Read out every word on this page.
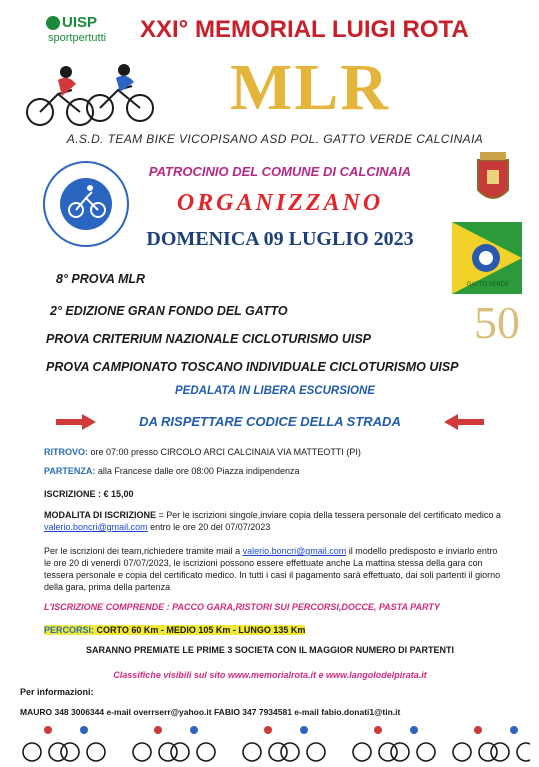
UISP
sportpertutti XXI° MEMORIAL LUIGI ROTA
MLR
A.S.D. TEAM BIKE VICOPISANO ASD POL. GATTO VERDE CALCINAIA
PATROCINIO DEL COMUNE DI CALCINAIA
ORGANIZZANO
DOMENICA 09 LUGLIO 2023
GATTO VERDE
50
8° PROVA MLR
2° EDIZIONE GRAN FONDO DEL GATTO
PROVA CRITERIUM NAZIONALE CICLOTURISMO UISP
PROVA CAMPIONATO TOSCANO INDIVIDUALE CICLOTURISMO UISP
PEDALATA IN LIBERA ESCURSIONE
DA RISPETTARE CODICE DELLA STRADA
RITROVO: ore 07:00 presso CIRCOLO ARCI CALCINAIA VIA MATTEOTTI (PI)
PARTENZA: alla Francese dalle ore 08:00 Piazza indipendenza
ISCRIZIONE : € 15,00
MODALITA DI ISCRIZIONE = Per le iscrizioni singole,inviare copia della tessera personale del certificato medico a valerio.boncri@gmail.com entro le ore 20 del 07/07/2023
Per le iscrizioni dei team,richiedere tramite mail a valerio.boncri@gmail.com il modello predisposto e inviarlo entro le ore 20 di venerdì 07/07/2023, le iscrizioni possono essere effettuate anche La mattina stessa della gara con tessera personale e copia del certificato medico. In tutti i casi il pagamento sarà effettuato, dai soli partenti il giorno della gara, prima della partenza
L'ISCRIZIONE COMPRENDE : PACCO GARA,RISTORI SUI PERCORSI,DOCCE, PASTA PARTY
PERCORSI: CORTO 60 Km - MEDIO 105 Km - LUNGO 135 Km
SARANNO PREMIATE LE PRIME 3 SOCIETA CON IL MAGGIOR NUMERO DI PARTENTI
Classifiche visibili sul sito www.memorialrota.it e www.langolodelpirata.it
Per informazioni:
MAURO 348 3006344 e-mail overrserr@yahoo.it FABIO 347 7934581 e-mail fabio.donati1@tin.it
